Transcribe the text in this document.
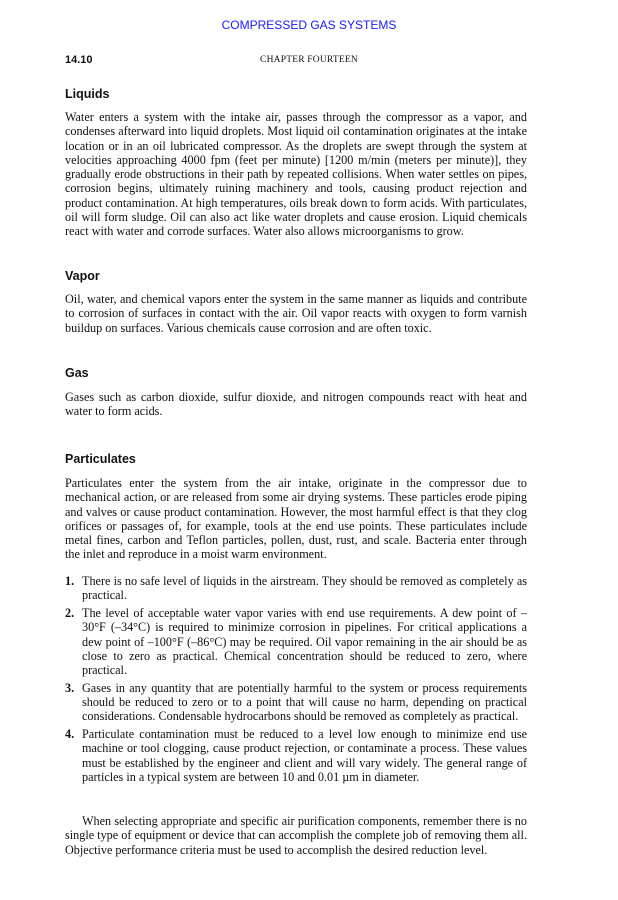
COMPRESSED GAS SYSTEMS
14.10	CHAPTER FOURTEEN
Liquids

Water enters a system with the intake air, passes through the compressor as a vapor, and condenses afterward into liquid droplets. Most liquid oil contamination originates at the intake location or in an oil lubricated compressor. As the droplets are swept through the system at velocities approaching 4000 fpm (feet per minute) [1200 m/min (meters per minute)], they gradually erode obstructions in their path by repeated collisions. When water settles on pipes, corrosion begins, ultimately ruining machinery and tools, causing product rejection and product contamination. At high temperatures, oils break down to form acids. With particulates, oil will form sludge. Oil can also act like water droplets and cause erosion. Liquid chemicals react with water and corrode surfaces. Water also allows microorganisms to grow.

Vapor

Oil, water, and chemical vapors enter the system in the same manner as liquids and contribute to corrosion of surfaces in contact with the air. Oil vapor reacts with oxygen to form varnish buildup on surfaces. Various chemicals cause corrosion and are often toxic.

Gas

Gases such as carbon dioxide, sulfur dioxide, and nitrogen compounds react with heat and water to form acids.

Particulates

Particulates enter the system from the air intake, originate in the compressor due to mechanical action, or are released from some air drying systems. These particles erode piping and valves or cause product contamination. However, the most harmful effect is that they clog orifices or passages of, for example, tools at the end use points. These particulates include metal fines, carbon and Teflon particles, pollen, dust, rust, and scale. Bacteria enter through the inlet and reproduce in a moist warm environment.

1. There is no safe level of liquids in the airstream. They should be removed as completely as practical.
2. The level of acceptable water vapor varies with end use requirements. A dew point of –30°F (–34°C) is required to minimize corrosion in pipelines. For critical applications a dew point of –100°F (–86°C) may be required. Oil vapor remaining in the air should be as close to zero as practical. Chemical concentration should be reduced to zero, where practical.
3. Gases in any quantity that are potentially harmful to the system or process requirements should be reduced to zero or to a point that will cause no harm, depending on practical considerations. Condensable hydrocarbons should be removed as completely as practical.
4. Particulate contamination must be reduced to a level low enough to minimize end use machine or tool clogging, cause product rejection, or contaminate a process. These values must be established by the engineer and client and will vary widely. The general range of particles in a typical system are between 10 and 0.01 µm in diameter.

When selecting appropriate and specific air purification components, remember there is no single type of equipment or device that can accomplish the complete job of removing them all. Objective performance criteria must be used to accomplish the desired reduction level.
